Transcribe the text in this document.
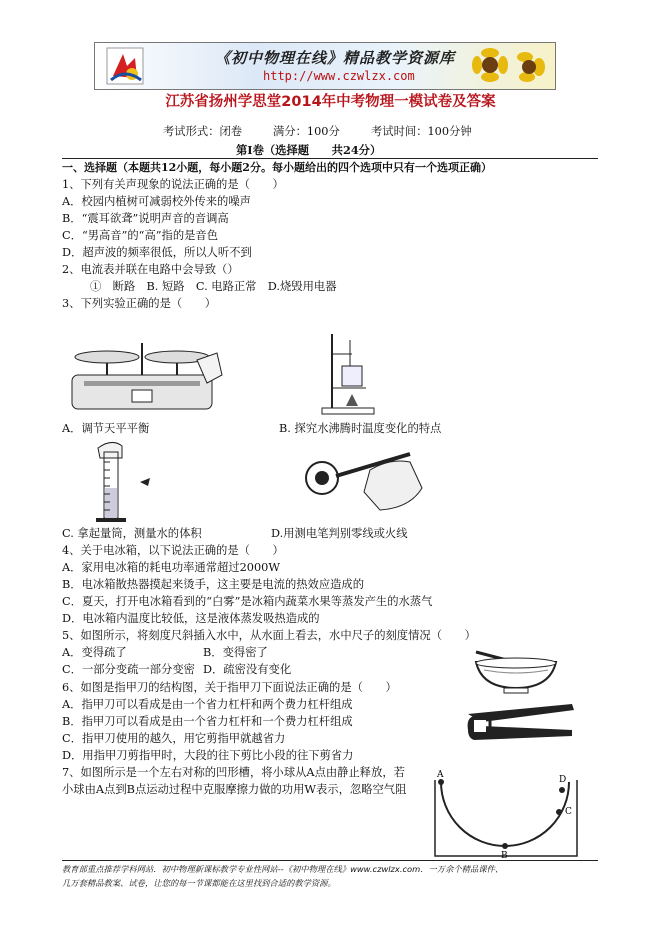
《初中物理在线》精品教学资源库
http://www.czwlzx.com
江苏省扬州学思堂2014年中考物理一模试卷及答案
考试形式：闭卷	满分：100分	考试时间：100分钟
第Ⅰ卷（选择题　　共24分）
一、选择题（本题共12小题，每小题2分。每小题给出的四个选项中只有一个选项正确）
1、下列有关声现象的说法正确的是（　　）
A．校园内植树可减弱校外传来的噪声
B．“震耳欲聋”说明声音的音调高
C．“男高音”的“高”指的是音色
D．超声波的频率很低，所以人听不到
2、电流表并联在电路中会导致（）
①　断路　B. 短路　C. 电路正常　D.烧毁用电器
3、下列实验正确的是（　　）
A．调节天平平衡	B. 探究水沸腾时温度变化的特点
C. 拿起量筒，测量水的体积	D.用测电笔判别零线或火线
4、关于电冰箱，以下说法正确的是（　　）
A．家用电冰箱的耗电功率通常超过2000W
B．电冰箱散热器摸起来烫手，这主要是电流的热效应造成的
C．夏天，打开电冰箱看到的“白雾”是冰箱内蔬菜水果等蒸发产生的水蒸气
D．电冰箱内温度比较低，这是液体蒸发吸热造成的
5、如图所示，将刻度尺斜插入水中，从水面上看去，水中尺子的刻度情况（　　）
A．变得疏了	B．变得密了
C．一部分变疏一部分变密 D．疏密没有变化
6、如图是指甲刀的结构图，关于指甲刀下面说法正确的是（　　）
A．指甲刀可以看成是由一个省力杠杆和两个费力杠杆组成
B．指甲刀可以看成是由一个省力杠杆和一个费力杠杆组成
C．指甲刀使用的越久，用它剪指甲就越省力
D．用指甲刀剪指甲时，大段的往下剪比小段的往下剪省力
7、如图所示是一个左右对称的凹形槽，将小球从A点由静止释放，若
小球由A点到B点运动过程中克服摩擦力做的功用W表示，忽略空气阻
A
B
C
D
教育部重点推荐学科网站．初中物理新课标教学专业性网站--《初中物理在线》www.czwlzx.com．一万余个精品课件、
几万套精品教案、试卷，让您的每一节课都能在这里找到合适的教学资源。
